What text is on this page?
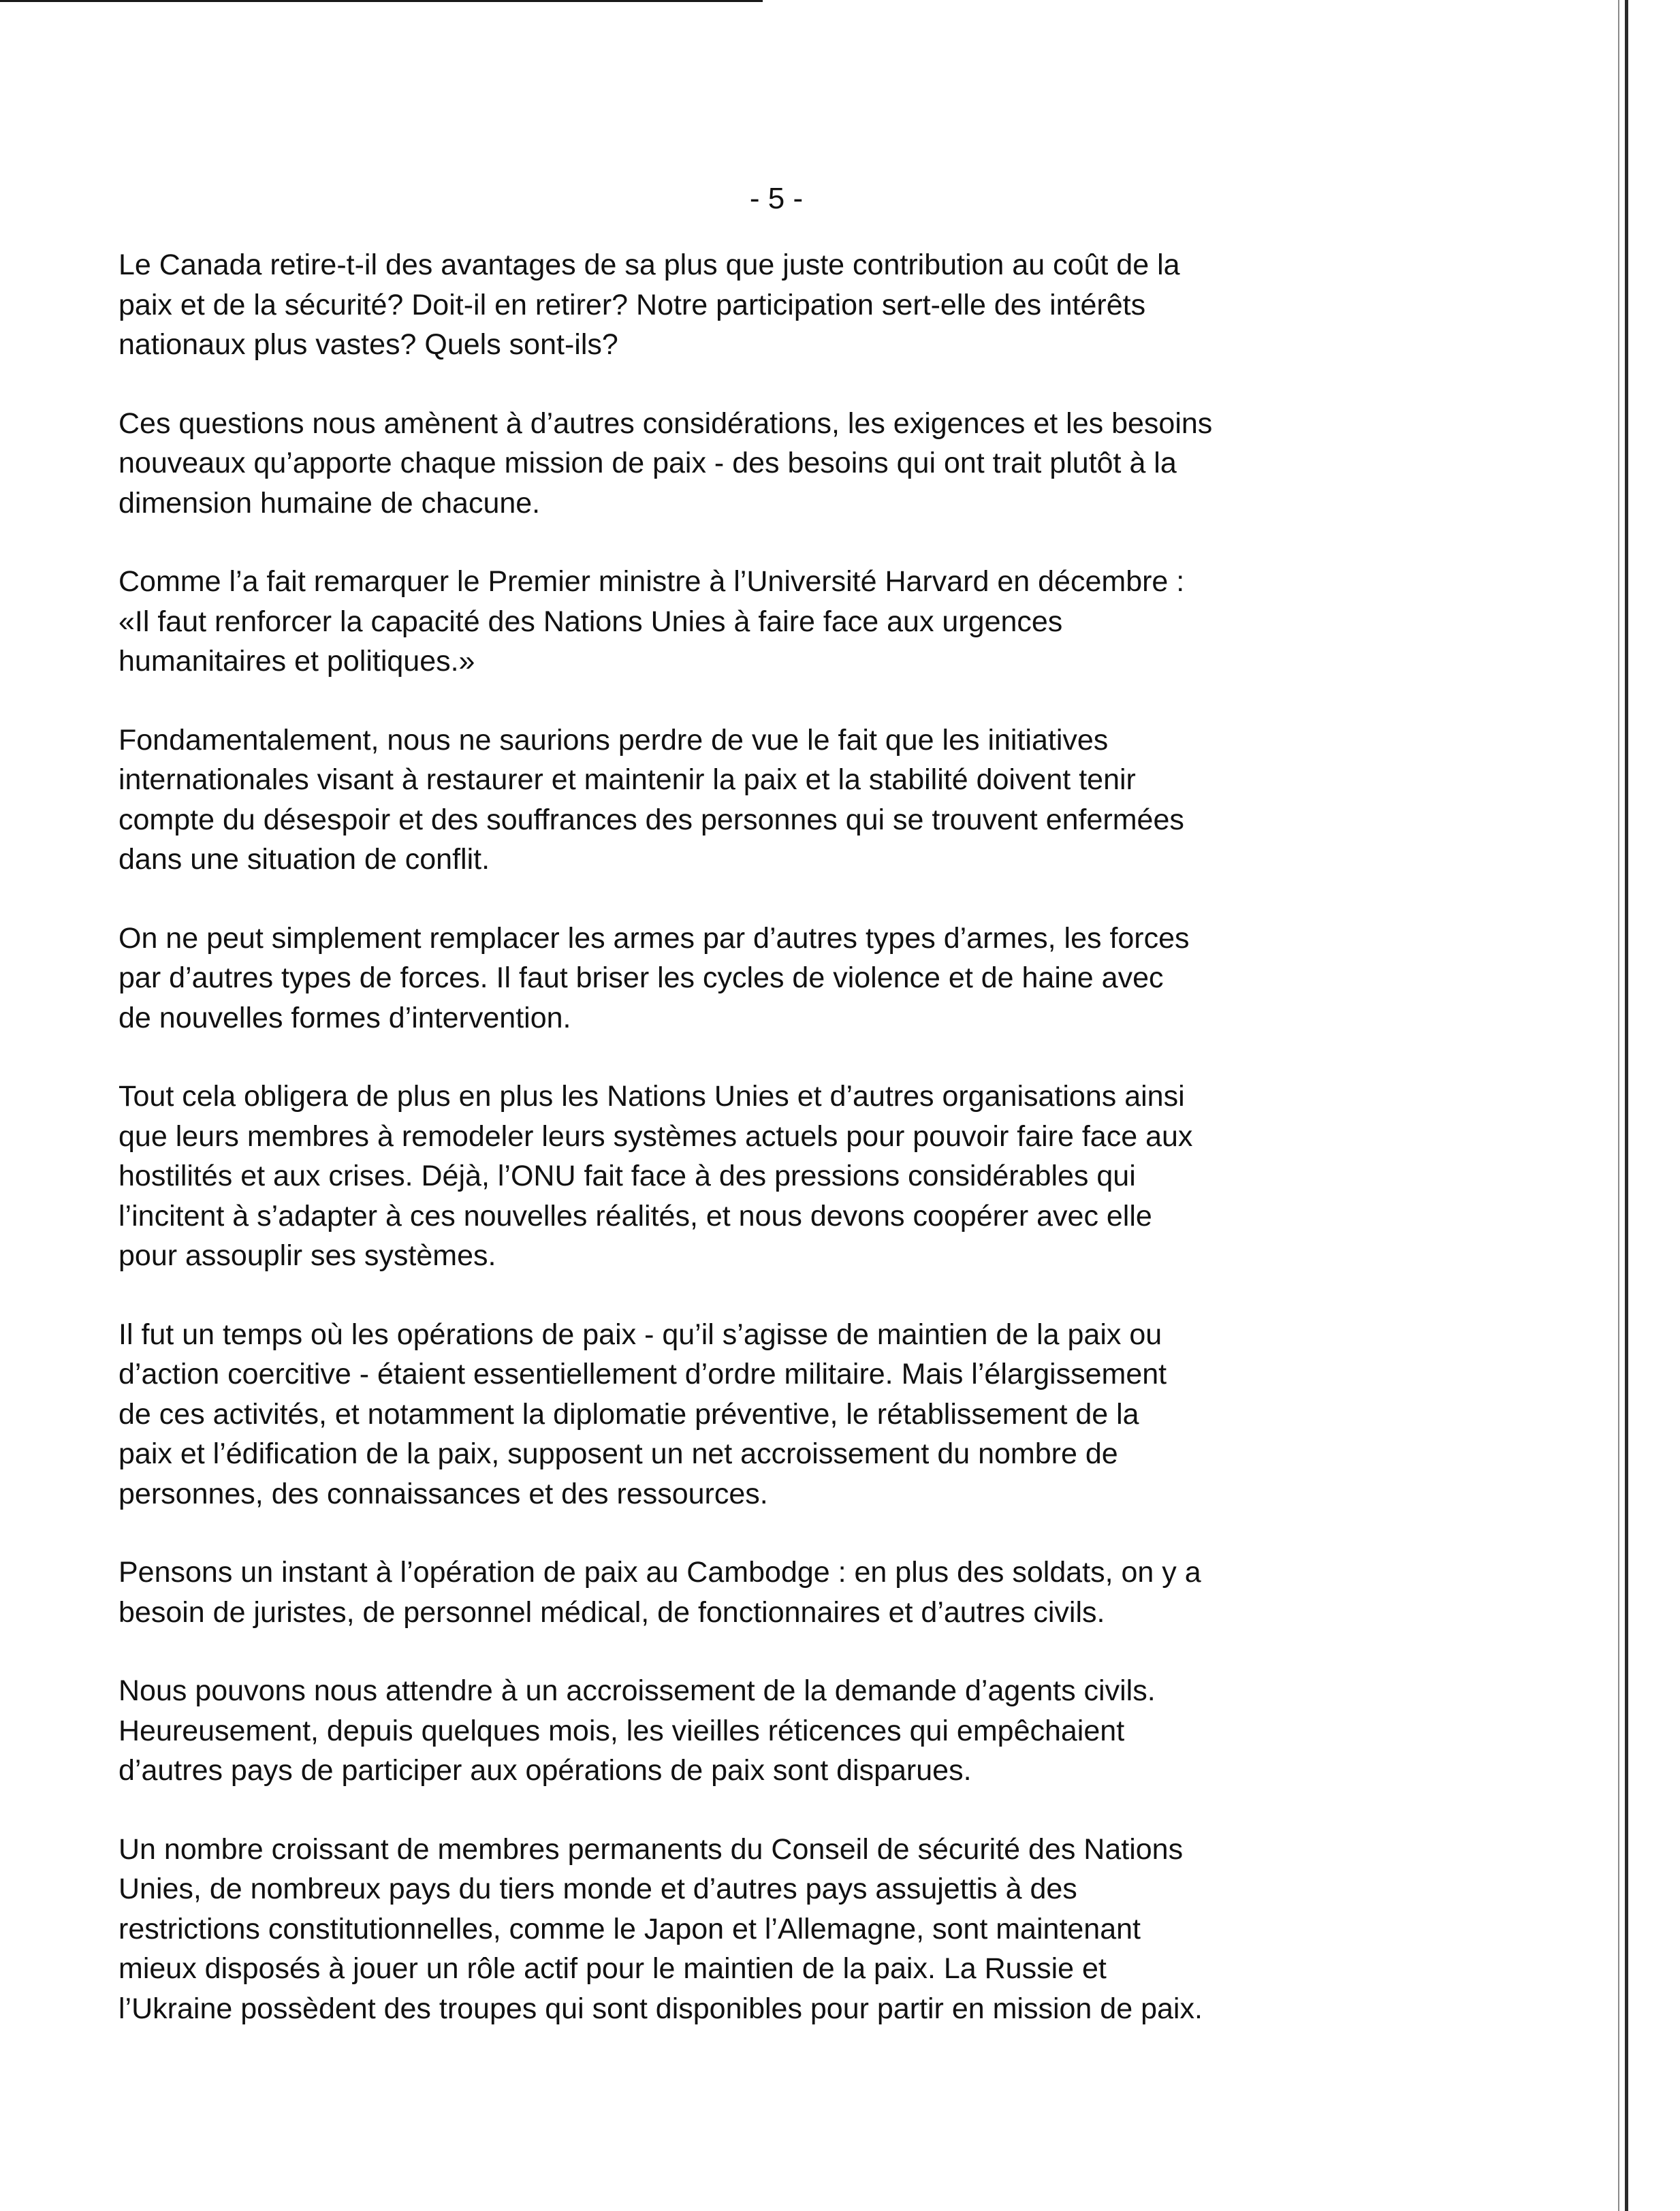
- 5 -

Le Canada retire-t-il des avantages de sa plus que juste contribution au coût de la
paix et de la sécurité? Doit-il en retirer? Notre participation sert-elle des intérêts
nationaux plus vastes? Quels sont-ils?

Ces questions nous amènent à d’autres considérations, les exigences et les besoins
nouveaux qu’apporte chaque mission de paix - des besoins qui ont trait plutôt à la
dimension humaine de chacune.

Comme l’a fait remarquer le Premier ministre à l’Université Harvard en décembre :
«Il faut renforcer la capacité des Nations Unies à faire face aux urgences
humanitaires et politiques.»

Fondamentalement, nous ne saurions perdre de vue le fait que les initiatives
internationales visant à restaurer et maintenir la paix et la stabilité doivent tenir
compte du désespoir et des souffrances des personnes qui se trouvent enfermées
dans une situation de conflit.

On ne peut simplement remplacer les armes par d’autres types d’armes, les forces
par d’autres types de forces. Il faut briser les cycles de violence et de haine avec
de nouvelles formes d’intervention.

Tout cela obligera de plus en plus les Nations Unies et d’autres organisations ainsi
que leurs membres à remodeler leurs systèmes actuels pour pouvoir faire face aux
hostilités et aux crises. Déjà, l’ONU fait face à des pressions considérables qui
l’incitent à s’adapter à ces nouvelles réalités, et nous devons coopérer avec elle
pour assouplir ses systèmes.

Il fut un temps où les opérations de paix - qu’il s’agisse de maintien de la paix ou
d’action coercitive - étaient essentiellement d’ordre militaire. Mais l’élargissement
de ces activités, et notamment la diplomatie préventive, le rétablissement de la
paix et l’édification de la paix, supposent un net accroissement du nombre de
personnes, des connaissances et des ressources.

Pensons un instant à l’opération de paix au Cambodge : en plus des soldats, on y a
besoin de juristes, de personnel médical, de fonctionnaires et d’autres civils.

Nous pouvons nous attendre à un accroissement de la demande d’agents civils.
Heureusement, depuis quelques mois, les vieilles réticences qui empêchaient
d’autres pays de participer aux opérations de paix sont disparues.

Un nombre croissant de membres permanents du Conseil de sécurité des Nations
Unies, de nombreux pays du tiers monde et d’autres pays assujettis à des
restrictions constitutionnelles, comme le Japon et l’Allemagne, sont maintenant
mieux disposés à jouer un rôle actif pour le maintien de la paix. La Russie et
l’Ukraine possèdent des troupes qui sont disponibles pour partir en mission de paix.
